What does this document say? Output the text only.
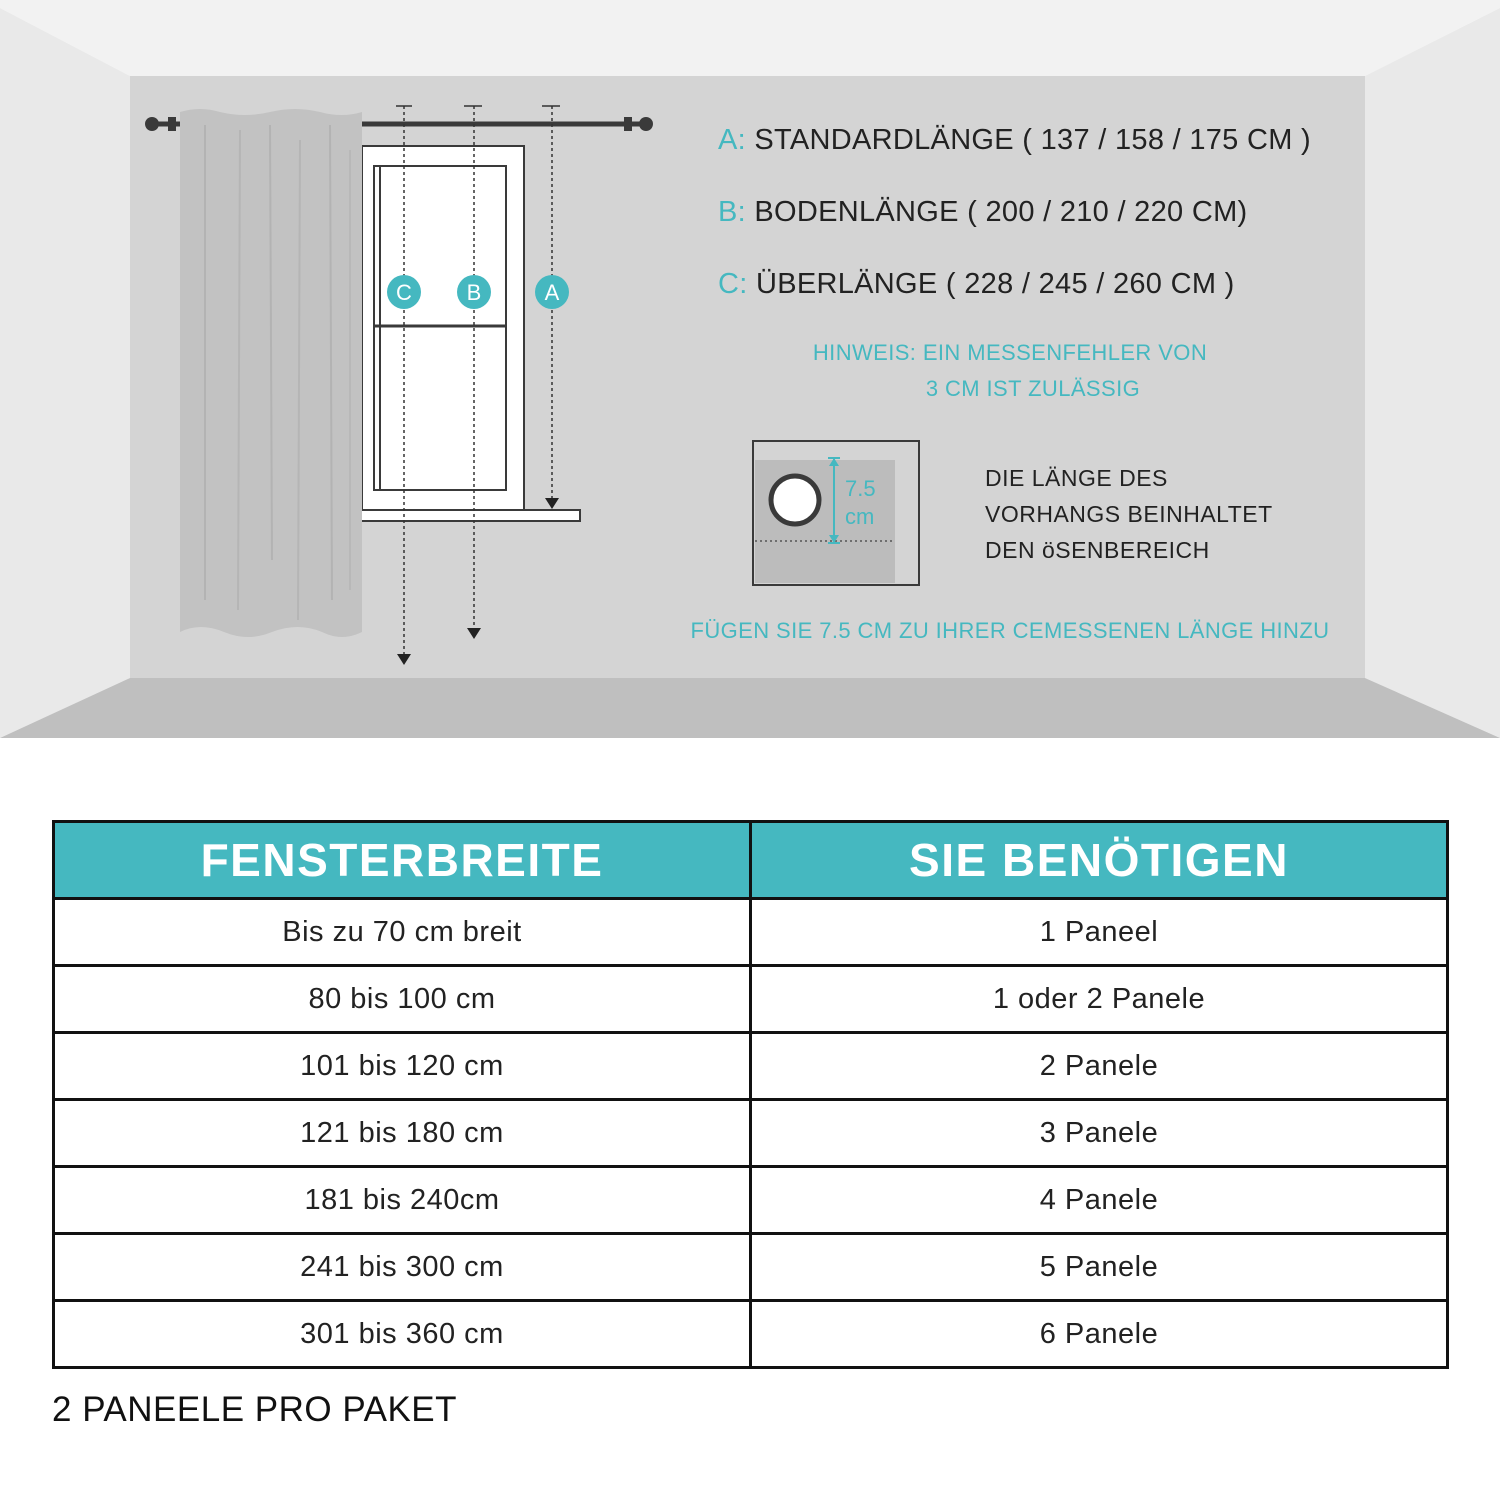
C B	A
7.5
cm
A: STANDARDLÄNGE ( 137 / 158 / 175 CM )
B: BODENLÄNGE ( 200 / 210 / 220 CM)
C: ÜBERLÄNGE ( 228 / 245 / 260 CM )
HINWEIS: EIN MESSENFEHLER VON
3 CM IST ZULÄSSIG
DIE LÄNGE DES
VORHANGS BEINHALTET
DEN öSENBEREICH
FÜGEN SIE 7.5 CM ZU IHRER CEMESSENEN LÄNGE HINZU
FENSTERBREITE	SIE BENÖTIGEN
Bis zu 70 cm breit	1 Paneel
80 bis 100 cm	1 oder 2 Panele
101 bis 120 cm	2 Panele
121 bis 180 cm	3 Panele
181 bis 240cm	4 Panele
241 bis 300 cm	5 Panele
301 bis 360 cm	6 Panele
2 PANEELE PRO PAKET
